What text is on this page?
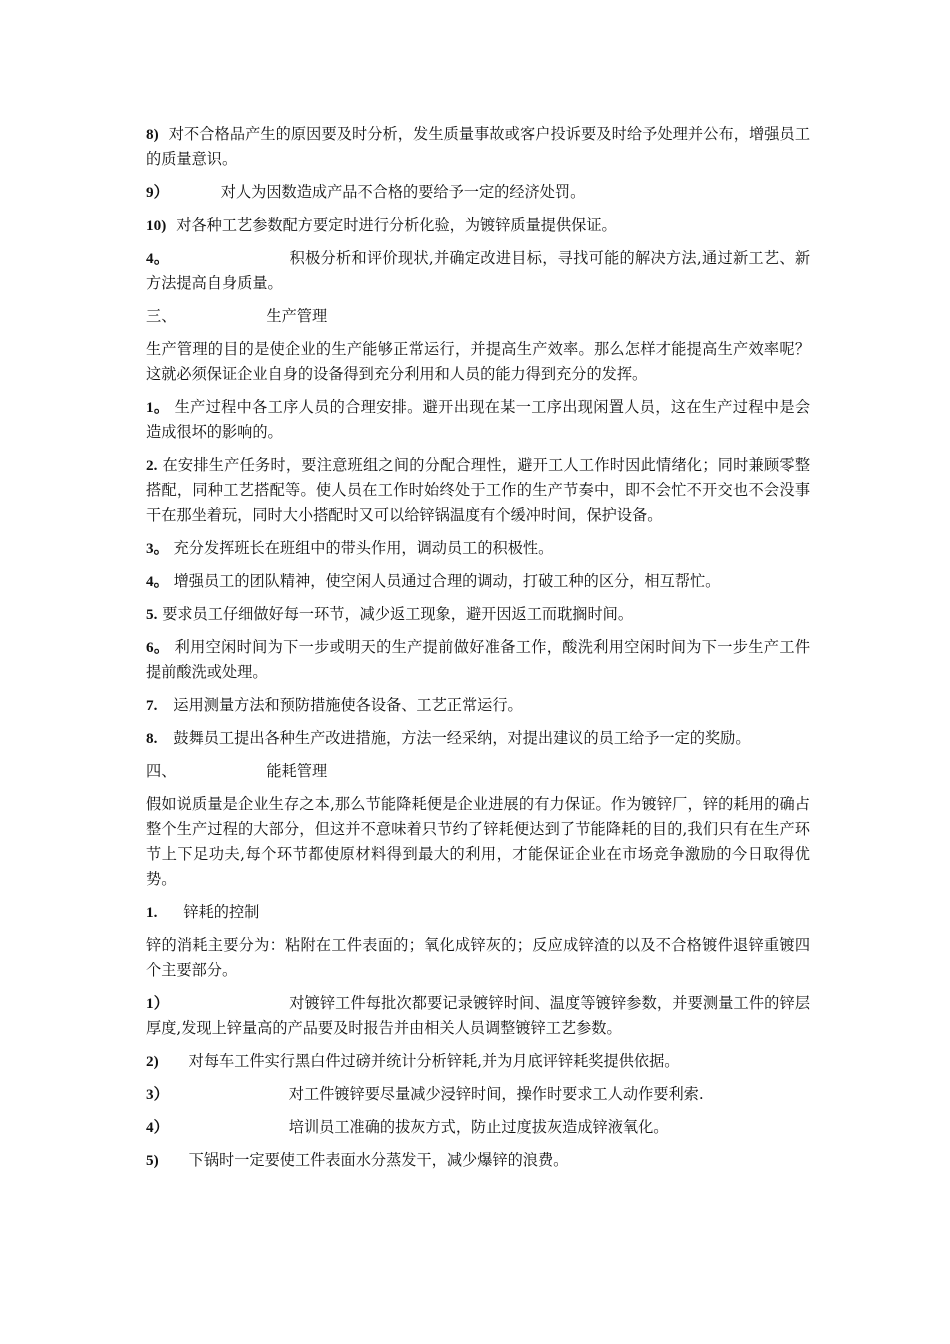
8) 对不合格品产生的原因要及时分析，发生质量事故或客户投诉要及时给予处理并公布，增强员工的质量意识。

9）	对人为因数造成产品不合格的要给予一定的经济处罚。

10) 对各种工艺参数配方要定时进行分析化验，为镀锌质量提供保证。

4。	积极分析和评价现状,并确定改进目标，寻找可能的解决方法,通过新工艺、新方法提高自身质量。

三、	生产管理

生产管理的目的是使企业的生产能够正常运行，并提高生产效率。那么怎样才能提高生产效率呢？这就必须保证企业自身的设备得到充分利用和人员的能力得到充分的发挥。

1。 生产过程中各工序人员的合理安排。避开出现在某一工序出现闲置人员，这在生产过程中是会造成很坏的影响的。

2. 在安排生产任务时，要注意班组之间的分配合理性，避开工人工作时因此情绪化；同时兼顾零整搭配，同种工艺搭配等。使人员在工作时始终处于工作的生产节奏中，即不会忙不开交也不会没事干在那坐着玩，同时大小搭配时又可以给锌锅温度有个缓冲时间，保护设备。

3。 充分发挥班长在班组中的带头作用，调动员工的积极性。

4。 增强员工的团队精神，使空闲人员通过合理的调动，打破工种的区分，相互帮忙。

5. 要求员工仔细做好每一环节，减少返工现象，避开因返工而耽搁时间。

6。 利用空闲时间为下一步或明天的生产提前做好准备工作，酸洗利用空闲时间为下一步生产工件提前酸洗或处理。

7. 运用测量方法和预防措施使各设备、工艺正常运行。

8. 鼓舞员工提出各种生产改进措施，方法一经采纳，对提出建议的员工给予一定的奖励。

四、	能耗管理

假如说质量是企业生存之本,那么节能降耗便是企业进展的有力保证。作为镀锌厂，锌的耗用的确占整个生产过程的大部分，但这并不意味着只节约了锌耗便达到了节能降耗的目的,我们只有在生产环节上下足功夫,每个环节都使原材料得到最大的利用，才能保证企业在市场竞争激励的今日取得优势。

1. 锌耗的控制

锌的消耗主要分为：粘附在工件表面的；氧化成锌灰的；反应成锌渣的以及不合格镀件退锌重镀四个主要部分。

1）	对镀锌工件每批次都要记录镀锌时间、温度等镀锌参数，并要测量工件的锌层厚度,发现上锌量高的产品要及时报告并由相关人员调整镀锌工艺参数。

2) 对每车工件实行黑白件过磅并统计分析锌耗,并为月底评锌耗奖提供依据。

3）	对工件镀锌要尽量减少浸锌时间，操作时要求工人动作要利索.

4）	培训员工准确的拔灰方式，防止过度拔灰造成锌液氧化。

5) 下锅时一定要使工件表面水分蒸发干，减少爆锌的浪费。
